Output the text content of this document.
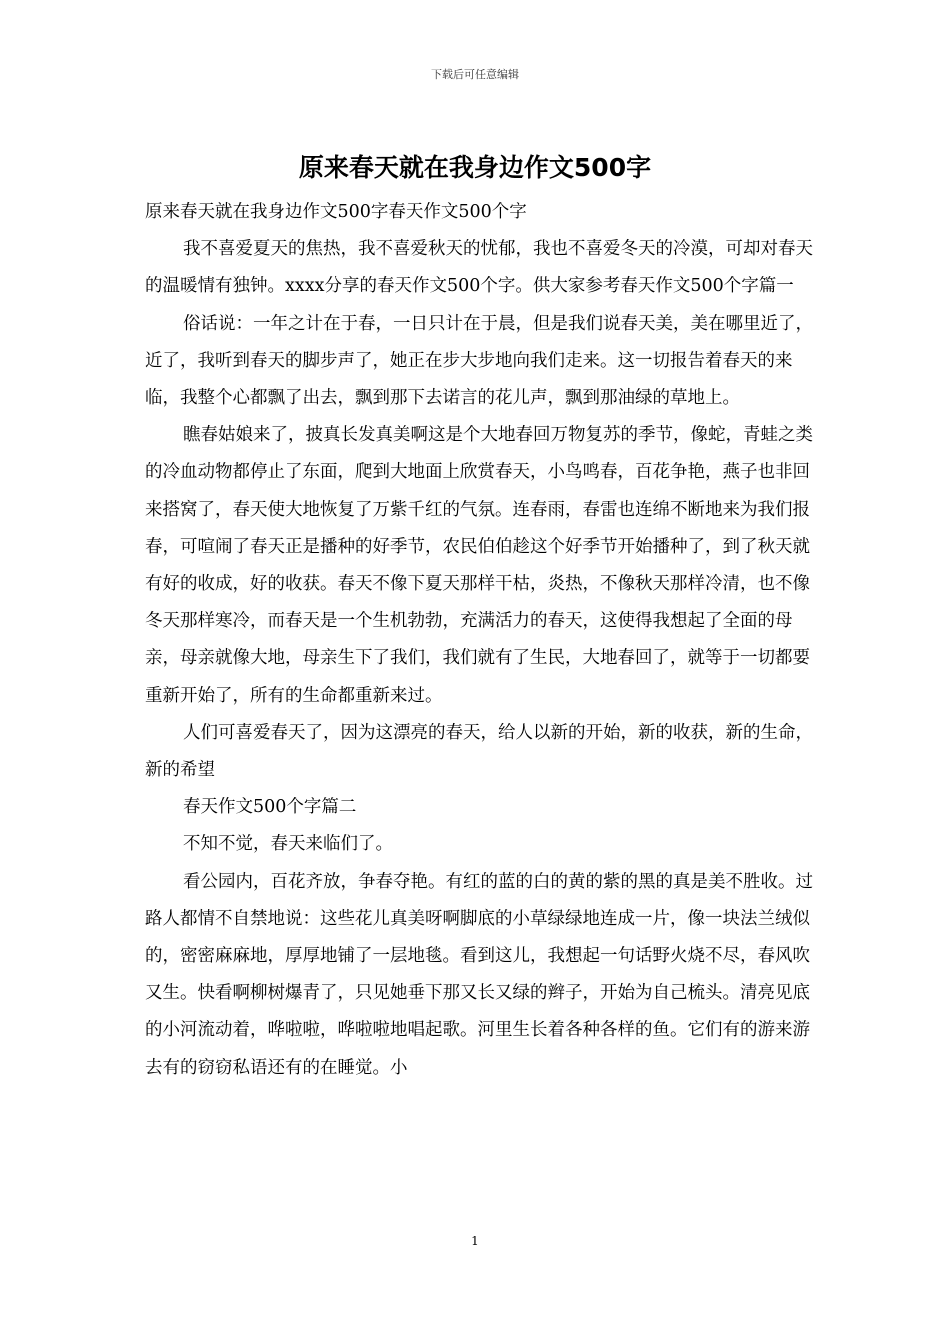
下载后可任意编辑
原来春天就在我身边作文500字

原来春天就在我身边作文500字春天作文500个字

我不喜爱夏天的焦热，我不喜爱秋天的忧郁，我也不喜爱冬天的冷漠，可却对春天的温暖情有独钟。xxxx分享的春天作文500个字。供大家参考春天作文500个字篇一

俗话说：一年之计在于春，一日只计在于晨，但是我们说春天美，美在哪里近了，近了，我听到春天的脚步声了，她正在步大步地向我们走来。这一切报告着春天的来临，我整个心都飘了出去，飘到那下去诺言的花儿声，飘到那油绿的草地上。

瞧春姑娘来了，披真长发真美啊这是个大地春回万物复苏的季节，像蛇，青蛙之类的冷血动物都停止了东面，爬到大地面上欣赏春天，小鸟鸣春，百花争艳，燕子也非回来搭窝了，春天使大地恢复了万紫千红的气氛。连春雨，春雷也连绵不断地来为我们报春，可喧闹了春天正是播种的好季节，农民伯伯趁这个好季节开始播种了，到了秋天就有好的收成，好的收获。春天不像下夏天那样干枯，炎热，不像秋天那样冷清，也不像冬天那样寒冷，而春天是一个生机勃勃，充满活力的春天，这使得我想起了全面的母亲，母亲就像大地，母亲生下了我们，我们就有了生民，大地春回了，就等于一切都要重新开始了，所有的生命都重新来过。

人们可喜爱春天了，因为这漂亮的春天，给人以新的开始，新的收获，新的生命，新的希望

春天作文500个字篇二

不知不觉，春天来临们了。

看公园内，百花齐放，争春夺艳。有红的蓝的白的黄的紫的黑的真是美不胜收。过路人都情不自禁地说：这些花儿真美呀啊脚底的小草绿绿地连成一片，像一块法兰绒似的，密密麻麻地，厚厚地铺了一层地毯。看到这儿，我想起一句话野火烧不尽，春风吹又生。快看啊柳树爆青了，只见她垂下那又长又绿的辫子，开始为自己梳头。清亮见底的小河流动着，哗啦啦，哗啦啦地唱起歌。河里生长着各种各样的鱼。它们有的游来游去有的窃窃私语还有的在睡觉。小

1
